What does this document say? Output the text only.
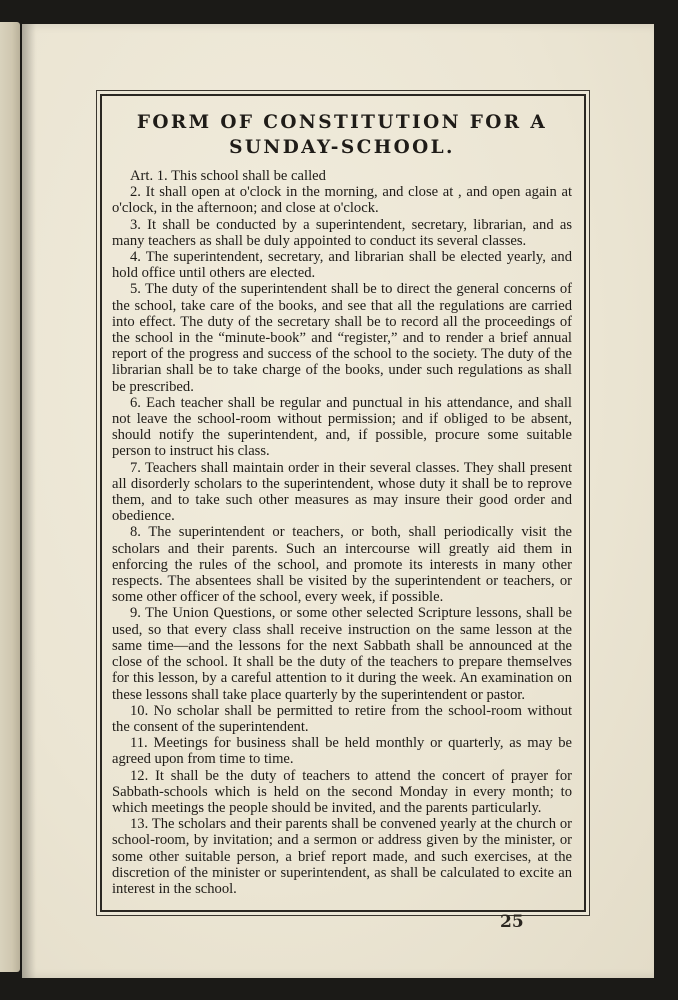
FORM OF CONSTITUTION FOR A
SUNDAY-SCHOOL.

Art. 1. This school shall be called

2. It shall open at o'clock in the morning, and close at , and open again at o'clock, in the afternoon; and close at o'clock.

3. It shall be conducted by a superintendent, secretary, librarian, and as many teachers as shall be duly appointed to conduct its several classes.

4. The superintendent, secretary, and librarian shall be elected yearly, and hold office until others are elected.

5. The duty of the superintendent shall be to direct the general concerns of the school, take care of the books, and see that all the regulations are carried into effect. The duty of the secretary shall be to record all the proceedings of the school in the “minute-book” and “register,” and to render a brief annual report of the progress and success of the school to the society. The duty of the librarian shall be to take charge of the books, under such regulations as shall be prescribed.

6. Each teacher shall be regular and punctual in his attendance, and shall not leave the school-room without permission; and if obliged to be absent, should notify the superintendent, and, if possible, procure some suitable person to instruct his class.

7. Teachers shall maintain order in their several classes. They shall present all disorderly scholars to the superintendent, whose duty it shall be to reprove them, and to take such other measures as may insure their good order and obedience.

8. The superintendent or teachers, or both, shall periodically visit the scholars and their parents. Such an intercourse will greatly aid them in enforcing the rules of the school, and promote its interests in many other respects. The absentees shall be visited by the superintendent or teachers, or some other officer of the school, every week, if possible.

9. The Union Questions, or some other selected Scripture lessons, shall be used, so that every class shall receive instruction on the same lesson at the same time—and the lessons for the next Sabbath shall be announced at the close of the school. It shall be the duty of the teachers to prepare themselves for this lesson, by a careful attention to it during the week. An examination on these lessons shall take place quarterly by the superintendent or pastor.

10. No scholar shall be permitted to retire from the school-room without the consent of the superintendent.

11. Meetings for business shall be held monthly or quarterly, as may be agreed upon from time to time.

12. It shall be the duty of teachers to attend the concert of prayer for Sabbath-schools which is held on the second Monday in every month; to which meetings the people should be invited, and the parents particularly.

13. The scholars and their parents shall be convened yearly at the church or school-room, by invitation; and a sermon or address given by the minister, or some other suitable person, a brief report made, and such exercises, at the discretion of the minister or superintendent, as shall be calculated to excite an interest in the school.

25
